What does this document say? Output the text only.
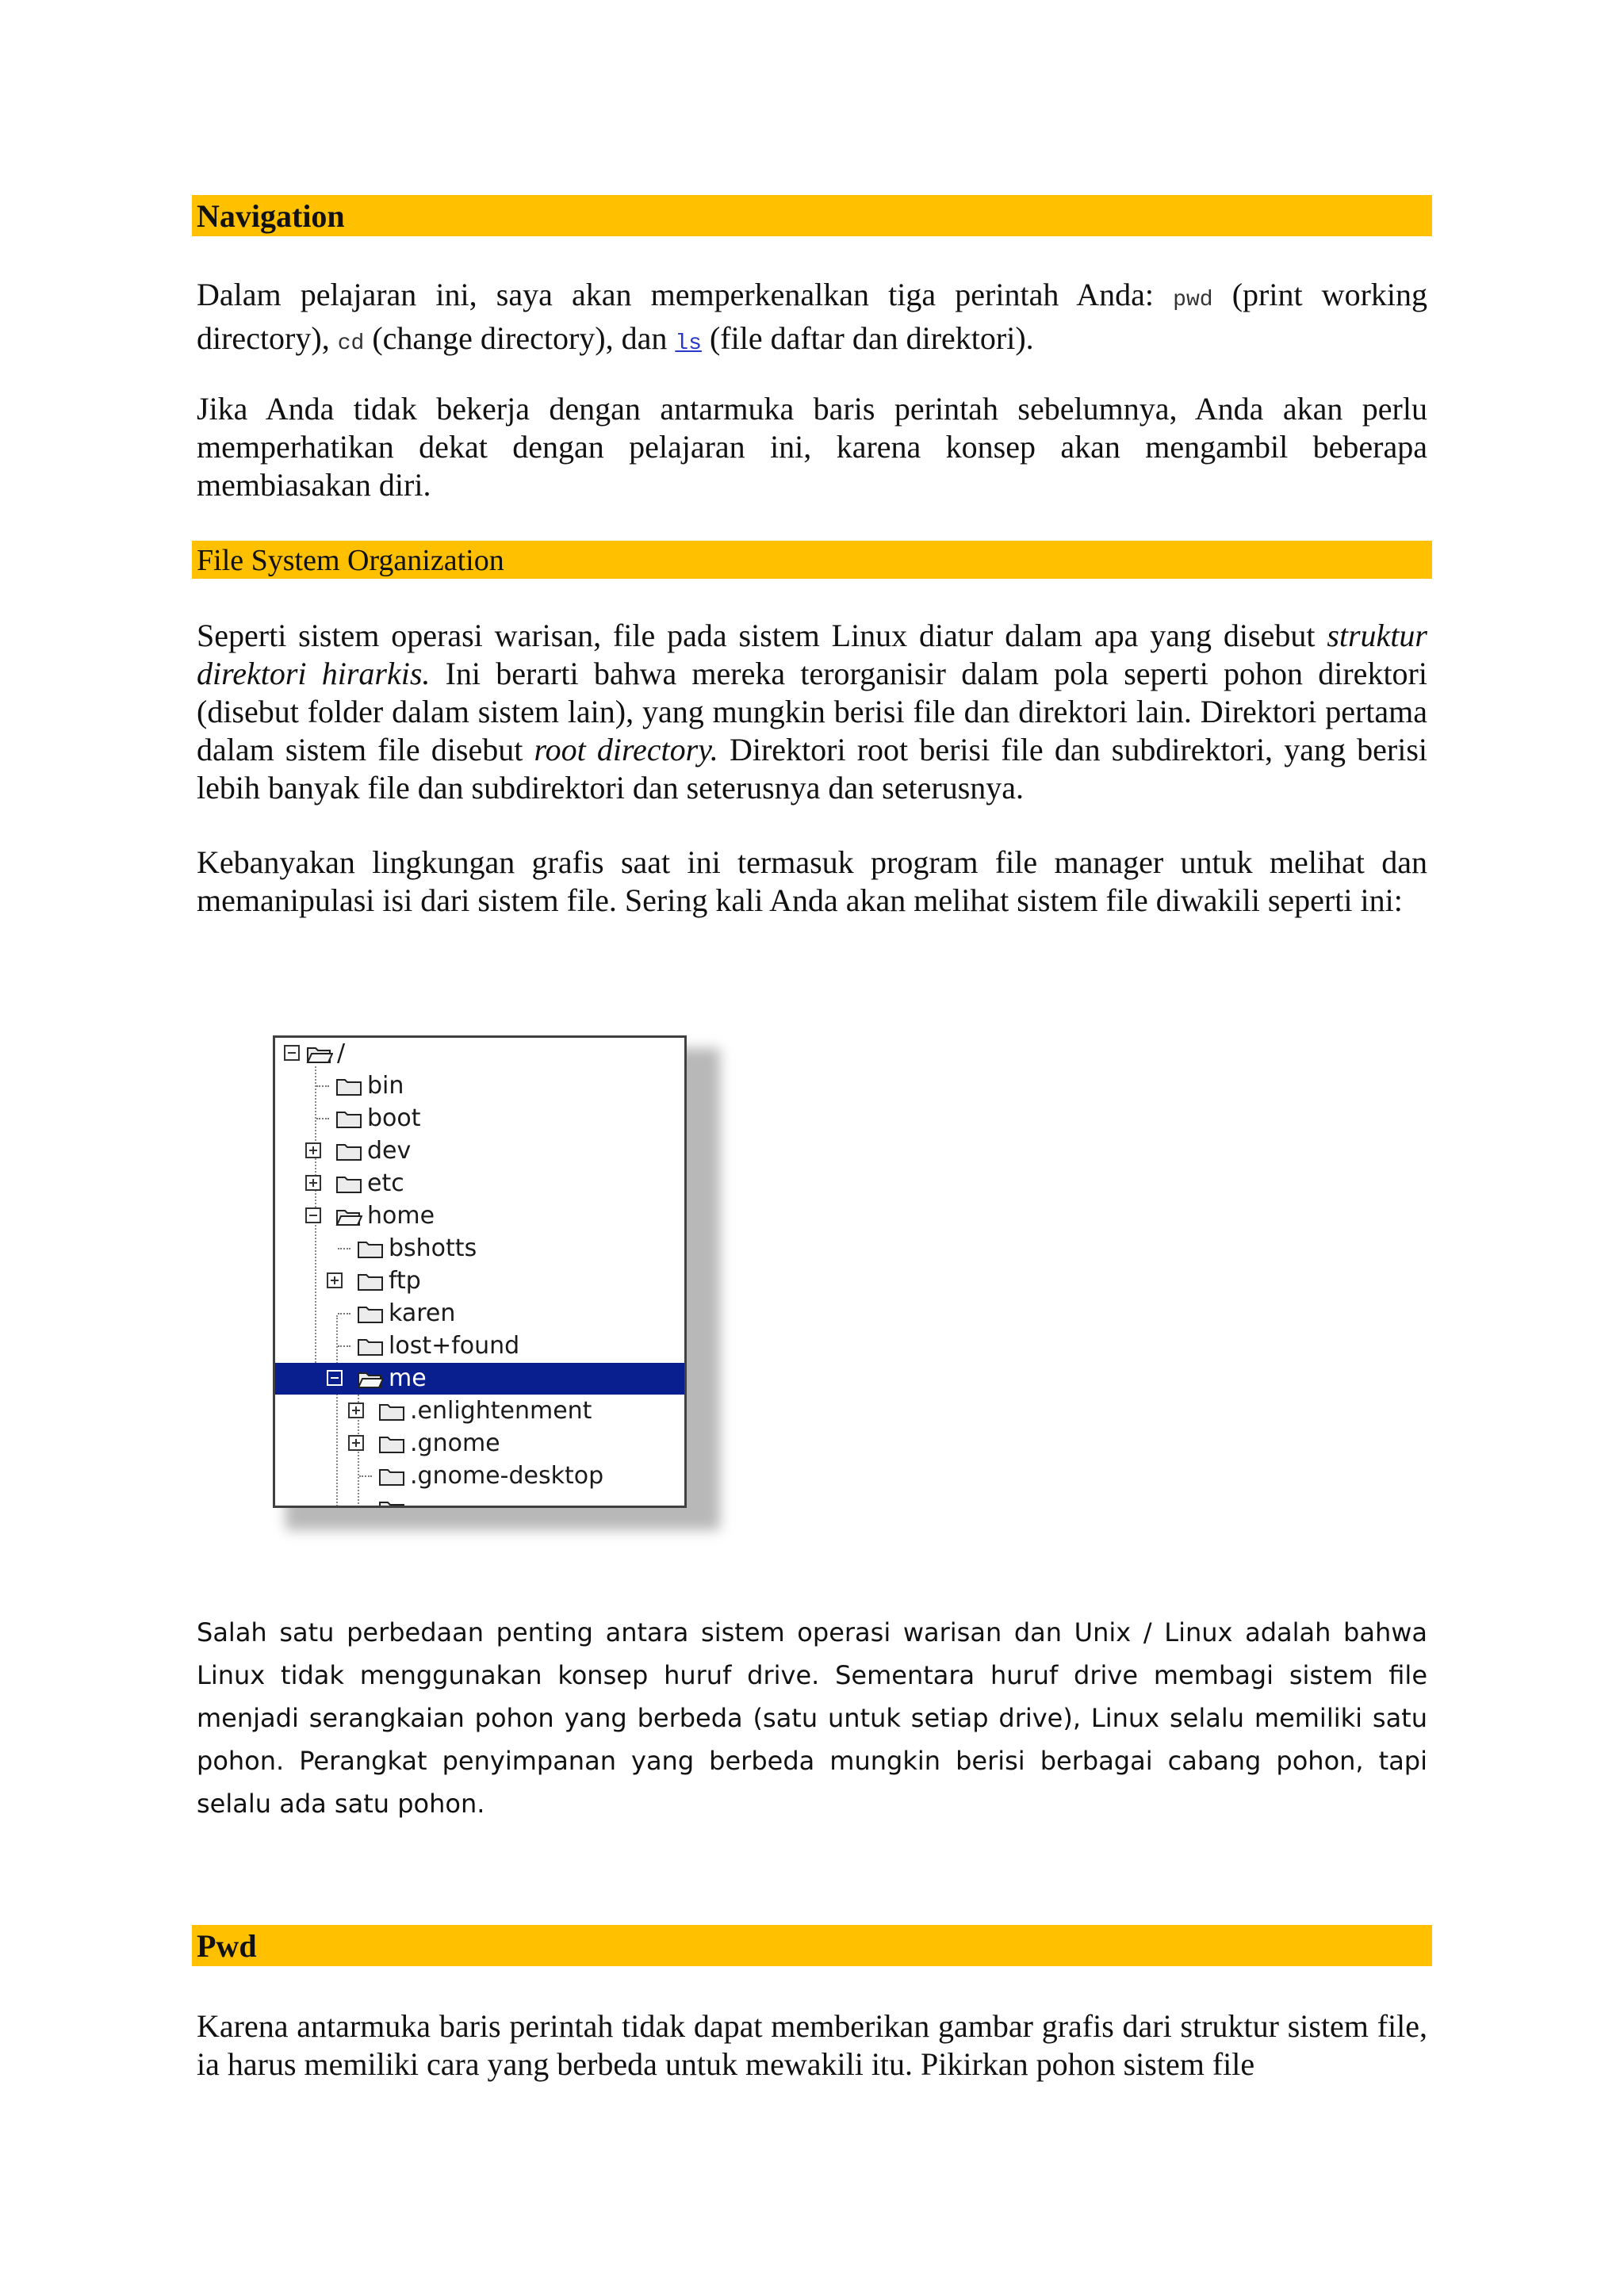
Navigation

Dalam pelajaran ini, saya akan memperkenalkan tiga perintah Anda: pwd (print working directory), cd (change directory), dan ls (file daftar dan direktori).

Jika Anda tidak bekerja dengan antarmuka baris perintah sebelumnya, Anda akan perlu memperhatikan dekat dengan pelajaran ini, karena konsep akan mengambil beberapa membiasakan diri.

File System Organization

Seperti sistem operasi warisan, file pada sistem Linux diatur dalam apa yang disebut struktur direktori hirarkis. Ini berarti bahwa mereka terorganisir dalam pola seperti pohon direktori (disebut folder dalam sistem lain), yang mungkin berisi file dan direktori lain. Direktori pertama dalam sistem file disebut root directory. Direktori root berisi file dan subdirektori, yang berisi lebih banyak file dan subdirektori dan seterusnya dan seterusnya.

Kebanyakan lingkungan grafis saat ini termasuk program file manager untuk melihat dan memanipulasi isi dari sistem file. Sering kali Anda akan melihat sistem file diwakili seperti ini:

/
bin
boot
dev
etc
home
bshotts
ftp
karen
lost+found
me
.enlightenment
.gnome
.gnome-desktop

Salah satu perbedaan penting antara sistem operasi warisan dan Unix / Linux adalah bahwa Linux tidak menggunakan konsep huruf drive. Sementara huruf drive membagi sistem file menjadi serangkaian pohon yang berbeda (satu untuk setiap drive), Linux selalu memiliki satu pohon. Perangkat penyimpanan yang berbeda mungkin berisi berbagai cabang pohon, tapi selalu ada satu pohon.

Pwd

Karena antarmuka baris perintah tidak dapat memberikan gambar grafis dari struktur sistem file, ia harus memiliki cara yang berbeda untuk mewakili itu. Pikirkan pohon sistem file
